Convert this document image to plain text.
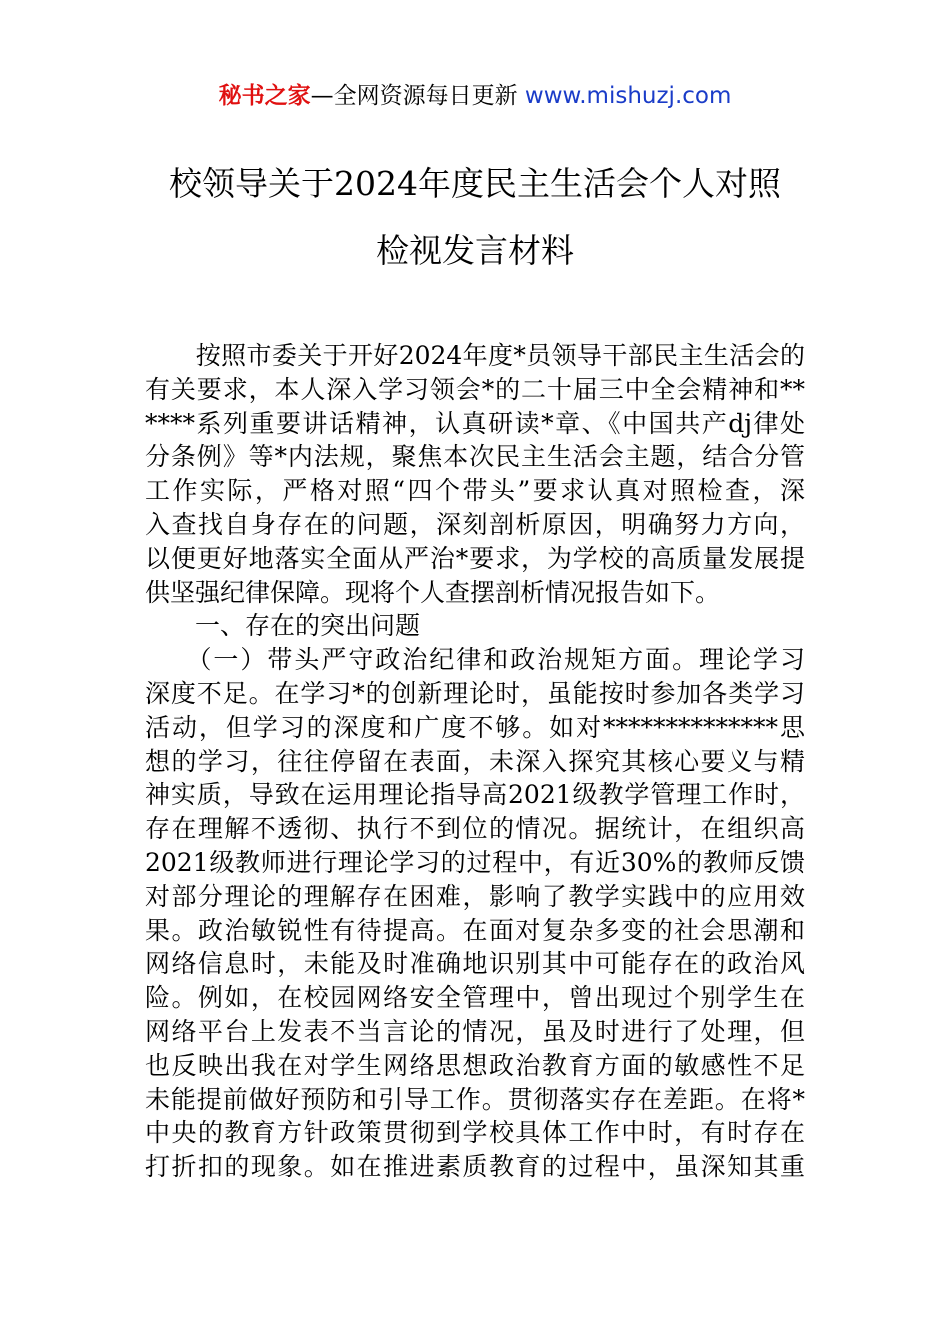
秘书之家—全网资源每日更新 www.mishuzj.com
校领导关于2024年度民主生活会个人对照
检视发言材料
　　按照市委关于开好2024年度*员领导干部民主生活会的
有关要求，本人深入学习领会*的二十届三中全会精神和**
****系列重要讲话精神，认真研读*章、《中国共产dj律处
分条例》等*内法规，聚焦本次民主生活会主题，结合分管
工作实际，严格对照“四个带头”要求认真对照检查，深
入查找自身存在的问题，深刻剖析原因，明确努力方向，
以便更好地落实全面从严治*要求，为学校的高质量发展提
供坚强纪律保障。现将个人查摆剖析情况报告如下。
　　一、存在的突出问题
　　（一）带头严守政治纪律和政治规矩方面。理论学习
深度不足。在学习*的创新理论时，虽能按时参加各类学习
活动，但学习的深度和广度不够。如对**************思
想的学习，往往停留在表面，未深入探究其核心要义与精
神实质，导致在运用理论指导高2021级教学管理工作时，
存在理解不透彻、执行不到位的情况。据统计，在组织高
2021级教师进行理论学习的过程中，有近30%的教师反馈
对部分理论的理解存在困难，影响了教学实践中的应用效
果。政治敏锐性有待提高。在面对复杂多变的社会思潮和
网络信息时，未能及时准确地识别其中可能存在的政治风
险。例如，在校园网络安全管理中，曾出现过个别学生在
网络平台上发表不当言论的情况，虽及时进行了处理，但
也反映出我在对学生网络思想政治教育方面的敏感性不足
未能提前做好预防和引导工作。贯彻落实存在差距。在将*
中央的教育方针政策贯彻到学校具体工作中时，有时存在
打折扣的现象。如在推进素质教育的过程中，虽深知其重
